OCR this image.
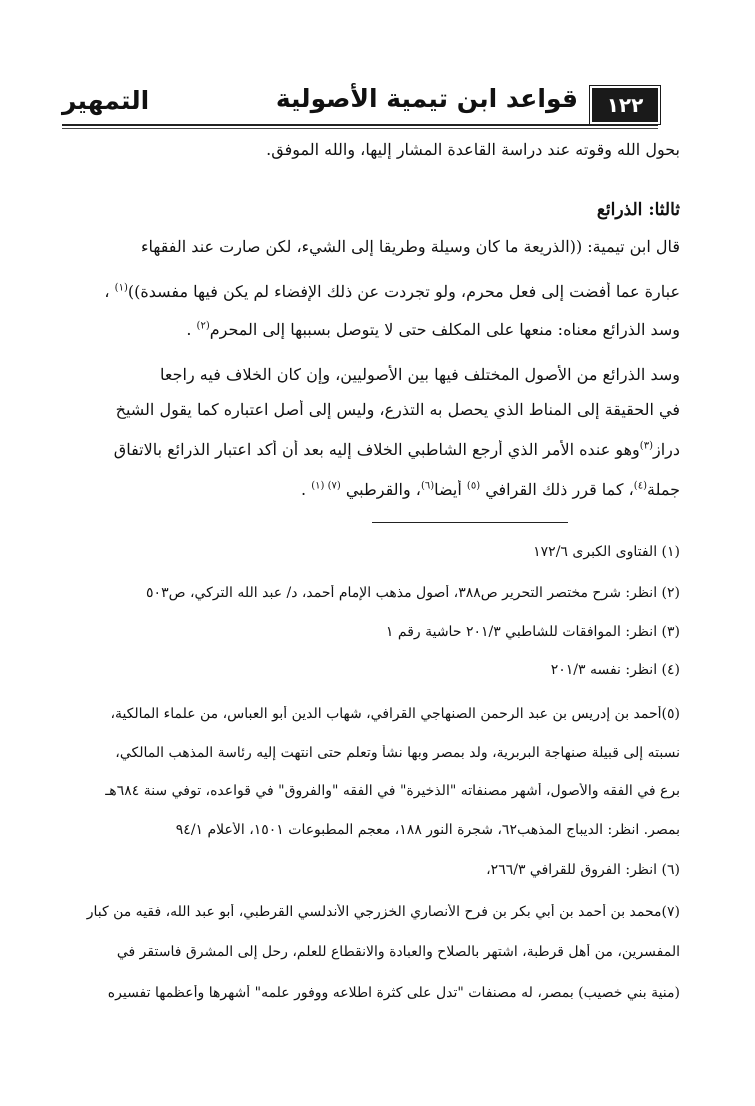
١٢٢
قواعد ابن تيمية الأصولية
التمهير
بحول الله وقوته عند دراسة القاعدة المشار إليها، والله الموفق.
ثالثا: الذرائع
قال ابن تيمية: ((الذريعة ما كان وسيلة وطريقا إلى الشيء، لكن صارت عند الفقهاء
عبارة عما أفضت إلى فعل محرم، ولو تجردت عن ذلك الإفضاء لم يكن فيها مفسدة))$^{(١)}$ ،
وسد الذرائع معناه: منعها على المكلف حتى لا يتوصل بسببها إلى المحرم$^{(٢)}$ .
وسد الذرائع من الأصول المختلف فيها بين الأصوليين، وإن كان الخلاف فيه راجعا
في الحقيقة إلى المناط الذي يحصل به التذرع، وليس إلى أصل اعتباره كما يقول الشيخ
دراز$^{(٣)}$وهو عنده الأمر الذي أرجع الشاطبي الخلاف إليه بعد أن أكد اعتبار الذرائع بالاتفاق
جملة$^{(٤)}$، كما قرر ذلك القرافي $^{(٥)}$ أيضا$^{(٦)}$، والقرطبي $^{(٧) (١)}$ .
(١) الفتاوى الكبرى ١٧٢/٦
(٢) انظر: شرح مختصر التحرير ص٣٨٨، أصول مذهب الإمام أحمد، د/ عبد الله التركي، ص٥٠٣
(٣) انظر: الموافقات للشاطبي ٢٠١/٣ حاشية رقم ١
(٤) انظر: نفسه ٢٠١/٣
(٥)أحمد بن إدريس بن عبد الرحمن الصنهاجي القرافي، شهاب الدين أبو العباس، من علماء المالكية،
نسبته إلى قبيلة صنهاجة البربرية، ولد بمصر وبها نشأ وتعلم حتى انتهت إليه رئاسة المذهب المالكي،
برع في الفقه والأصول، أشهر مصنفاته "الذخيرة" في الفقه "والفروق" في قواعده، توفي سنة ٦٨٤هـ
بمصر. انظر: الديباج المذهب٦٢، شجرة النور ١٨٨، معجم المطبوعات ١٥٠١، الأعلام ٩٤/١
(٦) انظر: الفروق للقرافي ٢٦٦/٣،
(٧)محمد بن أحمد بن أبي بكر بن فرح الأنصاري الخزرجي الأندلسي القرطبي، أبو عبد الله، فقيه من كبار
المفسرين، من أهل قرطبة، اشتهر بالصلاح والعبادة والانقطاع للعلم، رحل إلى المشرق فاستقر في
(منية بني خصيب) بمصر، له مصنفات "تدل على كثرة اطلاعه ووفور علمه" أشهرها وأعظمها تفسيره
